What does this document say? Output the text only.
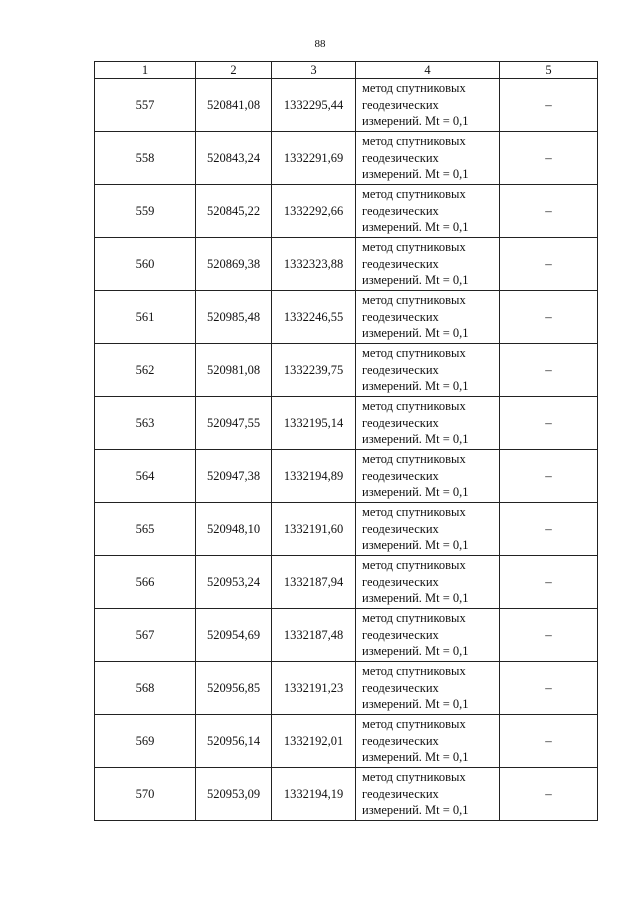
88
1	2	3	4	5
557	520841,08	1332295,44	метод спутниковых
геодезических
измерений. Mt = 0,1	–
558	520843,24	1332291,69	метод спутниковых
геодезических
измерений. Mt = 0,1	–
559	520845,22	1332292,66	метод спутниковых
геодезических
измерений. Mt = 0,1	–
560	520869,38	1332323,88	метод спутниковых
геодезических
измерений. Mt = 0,1	–
561	520985,48	1332246,55	метод спутниковых
геодезических
измерений. Mt = 0,1	–
562	520981,08	1332239,75	метод спутниковых
геодезических
измерений. Mt = 0,1	–
563	520947,55	1332195,14	метод спутниковых
геодезических
измерений. Mt = 0,1	–
564	520947,38	1332194,89	метод спутниковых
геодезических
измерений. Mt = 0,1	–
565	520948,10	1332191,60	метод спутниковых
геодезических
измерений. Mt = 0,1	–
566	520953,24	1332187,94	метод спутниковых
геодезических
измерений. Mt = 0,1	–
567	520954,69	1332187,48	метод спутниковых
геодезических
измерений. Mt = 0,1	–
568	520956,85	1332191,23	метод спутниковых
геодезических
измерений. Mt = 0,1	–
569	520956,14	1332192,01	метод спутниковых
геодезических
измерений. Mt = 0,1	–
570	520953,09	1332194,19	метод спутниковых
геодезических
измерений. Mt = 0,1	–
